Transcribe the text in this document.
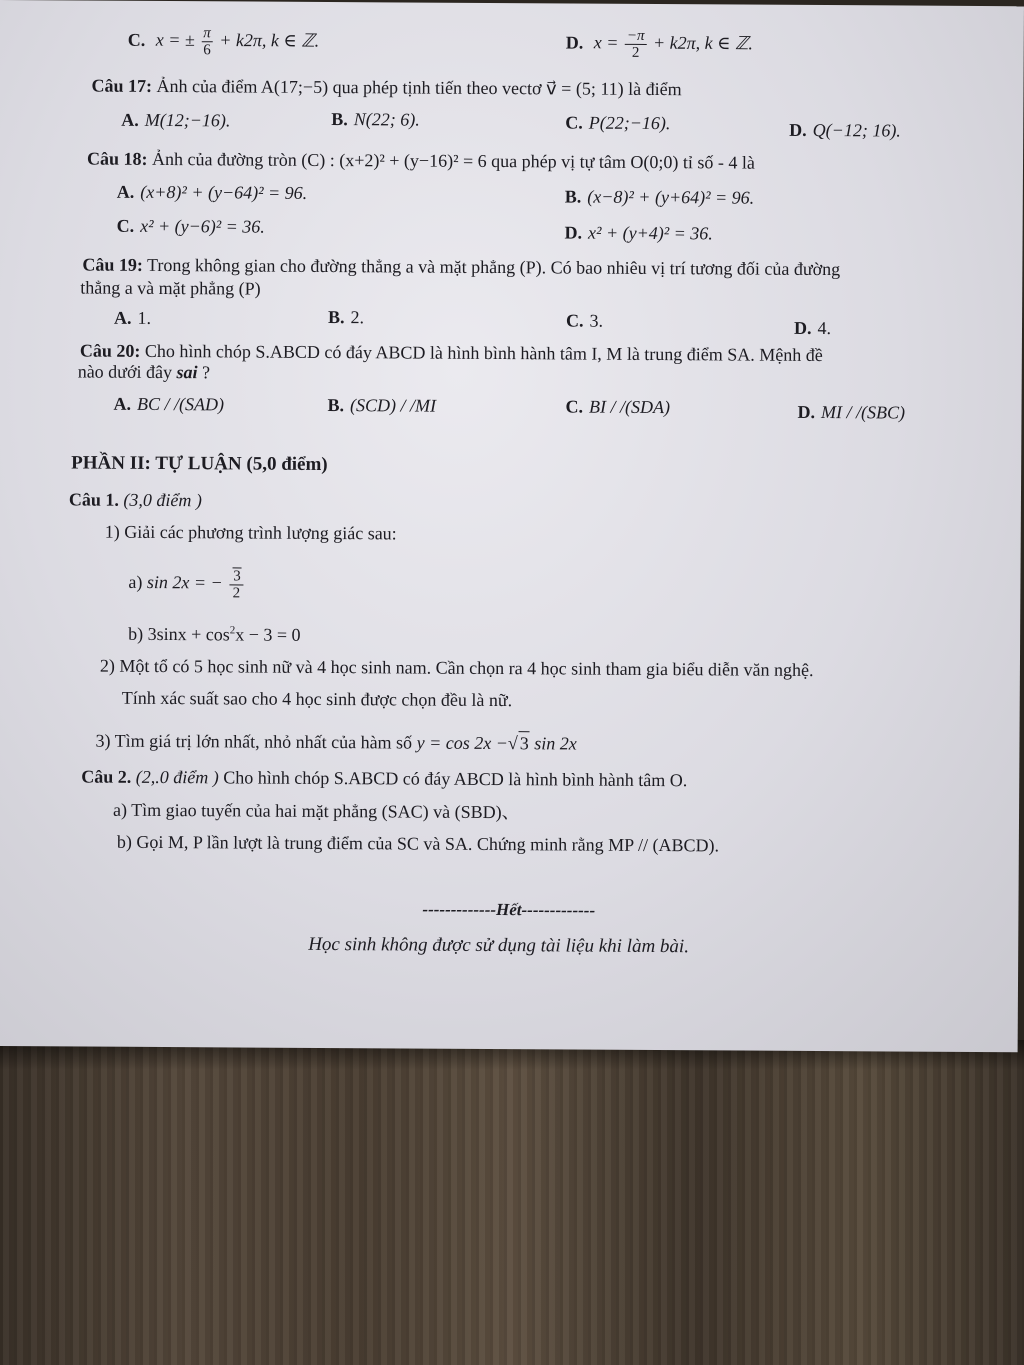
​
C. x = ± $\frac{\pi}{6} + k2\pi$, k ∈ ℤ.	D. $x = \frac{-\pi}{2} + k2\pi$, k ∈ ℤ.
Câu 17: Ảnh của điểm A(17;−5) qua phép tịnh tiến theo vectơ v⃗ = (5; 11) là điểm
A. M(12;−16).	B. N(22; 6).	C. P(22;−16).	D. Q(−12; 16).
Câu 18: Ảnh của đường tròn (C) : (x+2)² + (y−16)² = 6 qua phép vị tự tâm O(0;0) tỉ số - 4 là
A. (x+8)² + (y−64)² = 96.	B. (x−8)² + (y+64)² = 96.
C. x² + (y−6)² = 36.	D. x² + (y+4)² = 36.
Câu 19: Trong không gian cho đường thẳng a và mặt phẳng (P). Có bao nhiêu vị trí tương đối của đường
thẳng a và mặt phẳng (P)
A. 1.	B. 2.	C. 3.	D. 4.
Câu 20: Cho hình chóp S.ABCD có đáy ABCD là hình bình hành tâm I, M là trung điểm SA. Mệnh đề
nào dưới đây sai ?
A. BC / /(SAD)	B. (SCD) / /MI	C. BI / /(SDA)	D. MI / /(SBC)
PHẦN II: TỰ LUẬN (5,0 điểm)
Câu 1. (3,0 điểm )
1) Giải các phương trình lượng giác sau:
a) sin 2x = − $\frac{3}{2}$
b) $3\sin x + \cos^2x - 3 = 0$
2) Một tổ có 5 học sinh nữ và 4 học sinh nam. Cần chọn ra 4 học sinh tham gia biểu diễn văn nghệ.
Tính xác suất sao cho 4 học sinh được chọn đều là nữ.
3) Tìm giá trị lớn nhất, nhỏ nhất của hàm số y = cos 2x −√ 3 sin 2x
Câu 2. (2,.0 điểm ) Cho hình chóp S.ABCD có đáy ABCD là hình bình hành tâm O.
a) Tìm giao tuyến của hai mặt phẳng (SAC) và (SBD)、
b) Gọi M, P lần lượt là trung điểm của SC và SA. Chứng minh rằng MP // (ABCD).
-------------Hết-------------
Học sinh không được sử dụng tài liệu khi làm bài.
